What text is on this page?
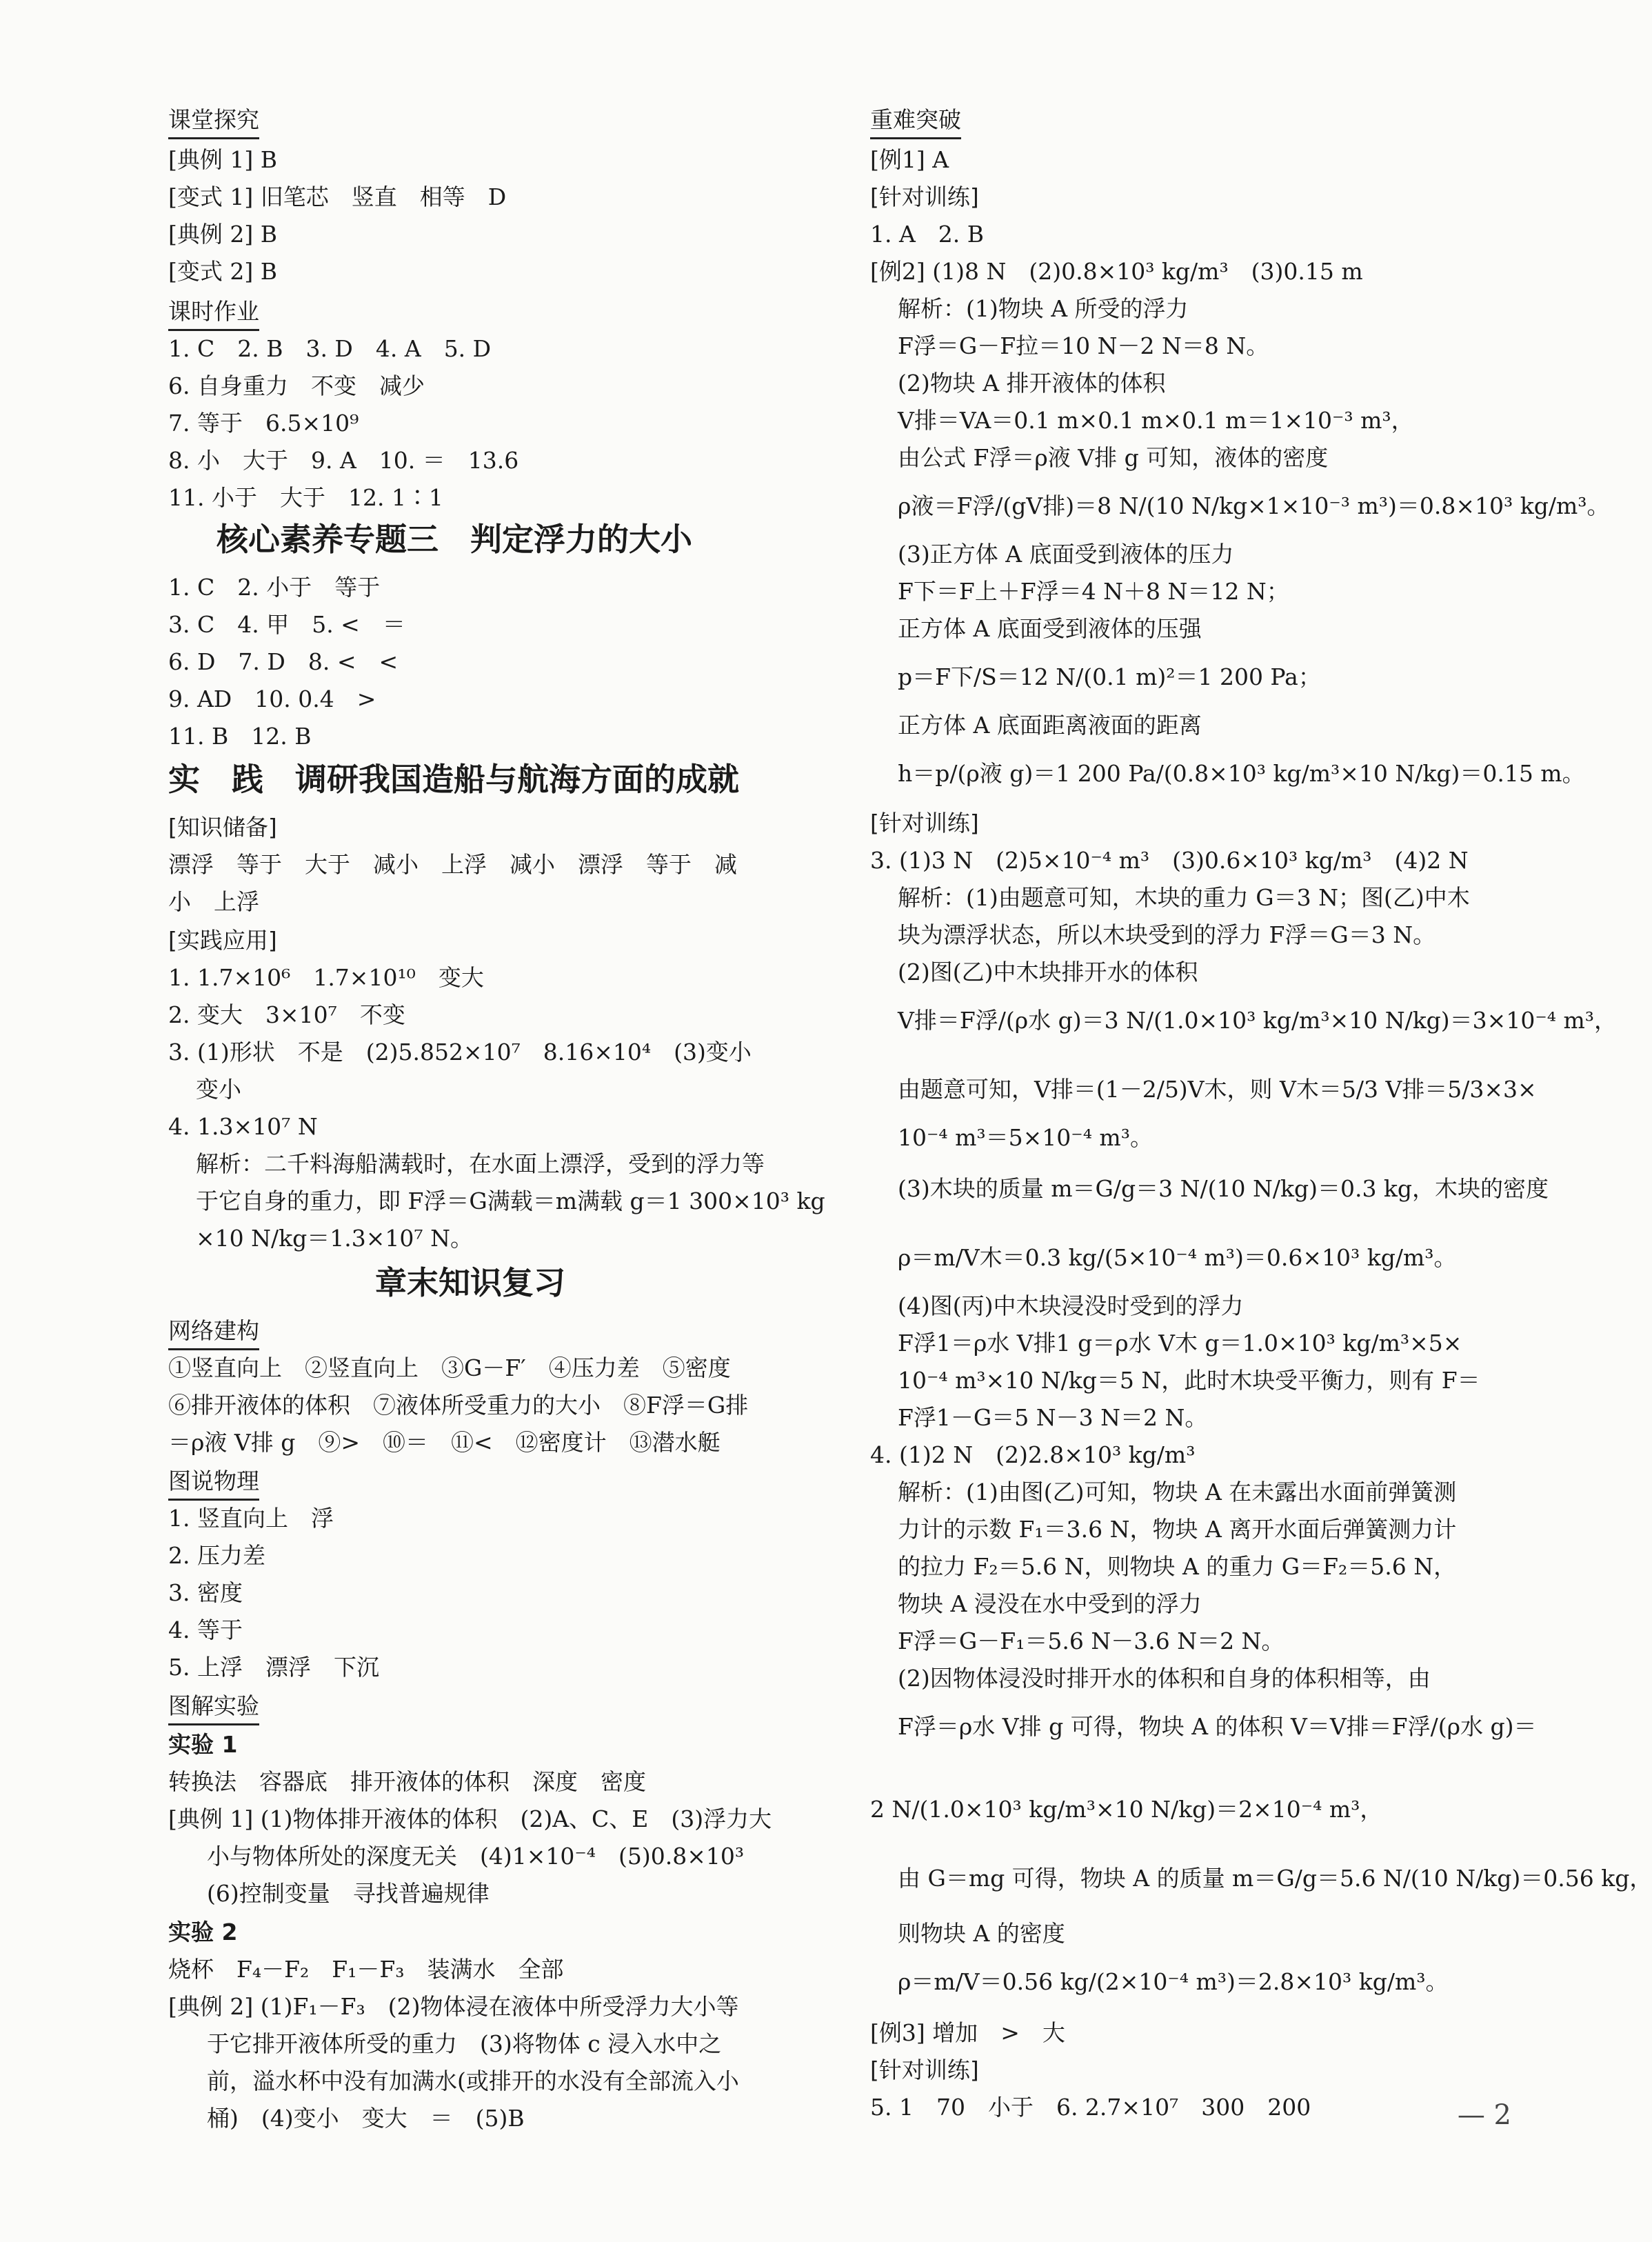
课堂探究
[典例 1] B
[变式 1] 旧笔芯　竖直　相等　D
[典例 2] B
[变式 2] B
课时作业
1. C　2. B　3. D　4. A　5. D
6. 自身重力　不变　减少
7. 等于　6.5×10⁹
8. 小　大于　9. A　10. ＝　13.6
11. 小于　大于　12. 1∶1
核心素养专题三　判定浮力的大小
1. C　2. 小于　等于
3. C　4. 甲　5. <　＝
6. D　7. D　8. <　<
9. AD　10. 0.4　>
11. B　12. B
实　践　调研我国造船与航海方面的成就
[知识储备]
漂浮　等于　大于　减小　上浮　减小　漂浮　等于　减
小　上浮
[实践应用]
1. 1.7×10⁶　1.7×10¹⁰　变大
2. 变大　3×10⁷　不变
3. (1)形状　不是　(2)5.852×10⁷　8.16×10⁴　(3)变小
变小
4. 1.3×10⁷ N
解析：二千料海船满载时，在水面上漂浮，受到的浮力等
于它自身的重力，即 F浮＝G满载＝m满载 g＝1 300×10³ kg
×10 N/kg＝1.3×10⁷ N。
章末知识复习
网络建构
①竖直向上　②竖直向上　③G－F′　④压力差　⑤密度
⑥排开液体的体积　⑦液体所受重力的大小　⑧F浮＝G排
＝ρ液 V排 g　⑨>　⑩＝　⑪<　⑫密度计　⑬潜水艇
图说物理
1. 竖直向上　浮
2. 压力差
3. 密度
4. 等于
5. 上浮　漂浮　下沉
图解实验
实验 1
转换法　容器底　排开液体的体积　深度　密度
[典例 1] (1)物体排开液体的体积　(2)A、C、E　(3)浮力大
小与物体所处的深度无关　(4)1×10⁻⁴　(5)0.8×10³
(6)控制变量　寻找普遍规律
实验 2
烧杯　F₄－F₂　F₁－F₃　装满水　全部
[典例 2] (1)F₁－F₃　(2)物体浸在液体中所受浮力大小等
于它排开液体所受的重力　(3)将物体 c 浸入水中之
前，溢水杯中没有加满水(或排开的水没有全部流入小
桶)　(4)变小　变大　＝　(5)B	— 2
重难突破
[例1] A
[针对训练]
1. A　2. B
[例2] (1)8 N　(2)0.8×10³ kg/m³　(3)0.15 m
解析：(1)物块 A 所受的浮力
F浮＝G－F拉＝10 N－2 N＝8 N。
(2)物块 A 排开液体的体积
V排＝VA＝0.1 m×0.1 m×0.1 m＝1×10⁻³ m³，
由公式 F浮＝ρ液 V排 g 可知，液体的密度
ρ液＝F浮/(gV排)＝8 N/(10 N/kg×1×10⁻³ m³)＝0.8×10³ kg/m³。
(3)正方体 A 底面受到液体的压力
F下＝F上＋F浮＝4 N＋8 N＝12 N；
正方体 A 底面受到液体的压强
p＝F下/S＝12 N/(0.1 m)²＝1 200 Pa；
正方体 A 底面距离液面的距离
h＝p/(ρ液 g)＝1 200 Pa/(0.8×10³ kg/m³×10 N/kg)＝0.15 m。
[针对训练]
3. (1)3 N　(2)5×10⁻⁴ m³　(3)0.6×10³ kg/m³　(4)2 N
解析：(1)由题意可知，木块的重力 G＝3 N；图(乙)中木
块为漂浮状态，所以木块受到的浮力 F浮＝G＝3 N。
(2)图(乙)中木块排开水的体积
V排＝F浮/(ρ水 g)＝3 N/(1.0×10³ kg/m³×10 N/kg)＝3×10⁻⁴ m³，
由题意可知，V排＝(1－2/5)V木，则 V木＝5/3 V排＝5/3×3×
10⁻⁴ m³＝5×10⁻⁴ m³。
(3)木块的质量 m＝G/g＝3 N/(10 N/kg)＝0.3 kg，木块的密度
ρ＝m/V木＝0.3 kg/(5×10⁻⁴ m³)＝0.6×10³ kg/m³。
(4)图(丙)中木块浸没时受到的浮力
F浮1＝ρ水 V排1 g＝ρ水 V木 g＝1.0×10³ kg/m³×5×
10⁻⁴ m³×10 N/kg＝5 N，此时木块受平衡力，则有 F＝
F浮1－G＝5 N－3 N＝2 N。
4. (1)2 N　(2)2.8×10³ kg/m³
解析：(1)由图(乙)可知，物块 A 在未露出水面前弹簧测
力计的示数 F₁＝3.6 N，物块 A 离开水面后弹簧测力计
的拉力 F₂＝5.6 N，则物块 A 的重力 G＝F₂＝5.6 N，
物块 A 浸没在水中受到的浮力
F浮＝G－F₁＝5.6 N－3.6 N＝2 N。
(2)因物体浸没时排开水的体积和自身的体积相等，由
F浮＝ρ水 V排 g 可得，物块 A 的体积 V＝V排＝F浮/(ρ水 g)＝
2 N/(1.0×10³ kg/m³×10 N/kg)＝2×10⁻⁴ m³，
由 G＝mg 可得，物块 A 的质量 m＝G/g＝5.6 N/(10 N/kg)＝0.56 kg，
则物块 A 的密度
ρ＝m/V＝0.56 kg/(2×10⁻⁴ m³)＝2.8×10³ kg/m³。
[例3] 增加　>　大
[针对训练]
5. 1　70　小于　6. 2.7×10⁷　300　200
